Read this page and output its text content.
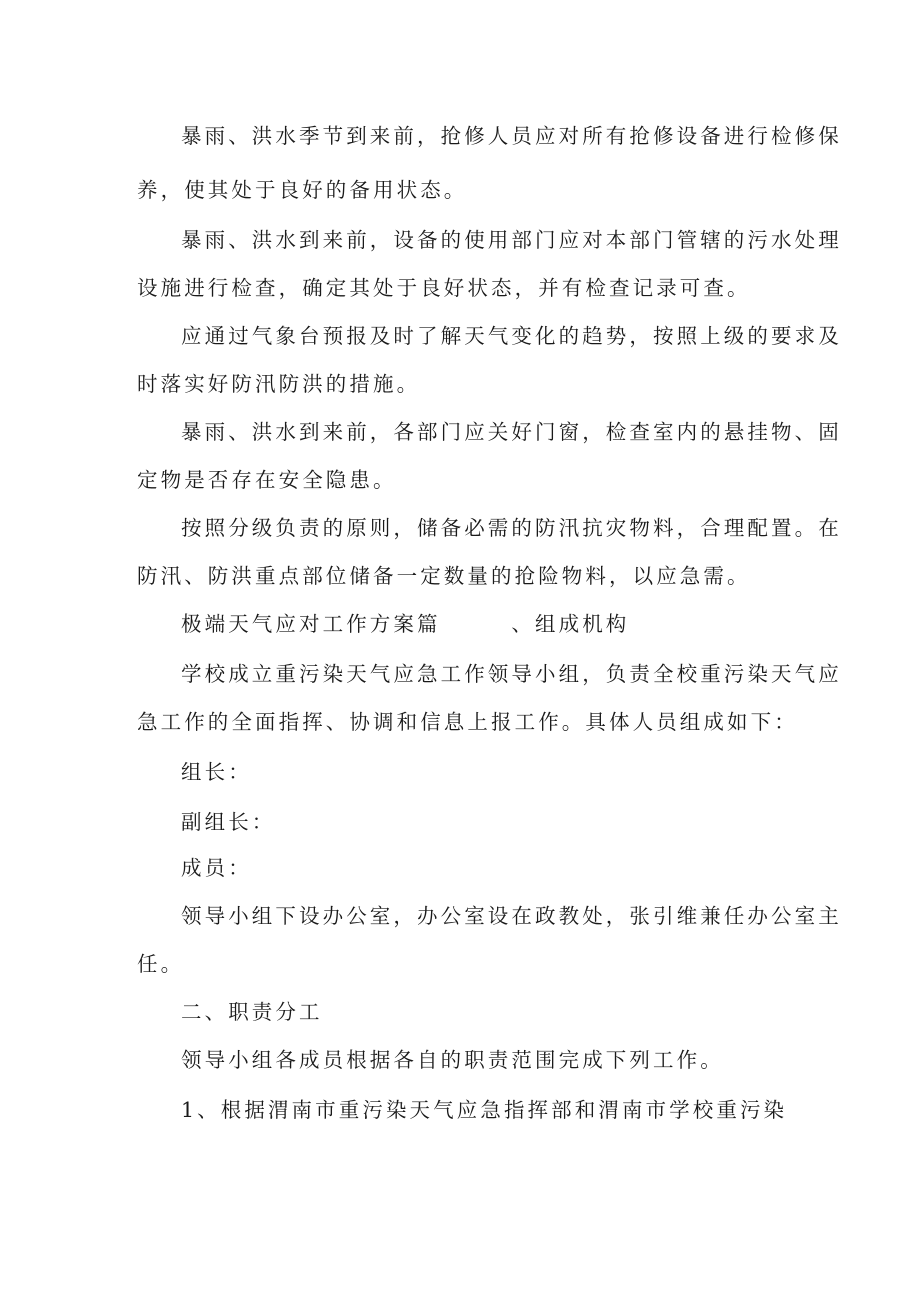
暴雨、洪水季节到来前，抢修人员应对所有抢修设备进行检修保
养，使其处于良好的备用状态。
暴雨、洪水到来前，设备的使用部门应对本部门管辖的污水处理
设施进行检查，确定其处于良好状态，并有检查记录可查。
应通过气象台预报及时了解天气变化的趋势，按照上级的要求及
时落实好防汛防洪的措施。
暴雨、洪水到来前，各部门应关好门窗，检查室内的悬挂物、固
定物是否存在安全隐患。
按照分级负责的原则，储备必需的防汛抗灾物料，合理配置。在
防汛、防洪重点部位储备一定数量的抢险物料，以应急需。
极端天气应对工作方案篇　　　、组成机构
学校成立重污染天气应急工作领导小组，负责全校重污染天气应
急工作的全面指挥、协调和信息上报工作。具体人员组成如下：
组长：
副组长：
成员：
领导小组下设办公室，办公室设在政教处，张引维兼任办公室主
任。
二、职责分工
领导小组各成员根据各自的职责范围完成下列工作。
1、根据渭南市重污染天气应急指挥部和渭南市学校重污染
